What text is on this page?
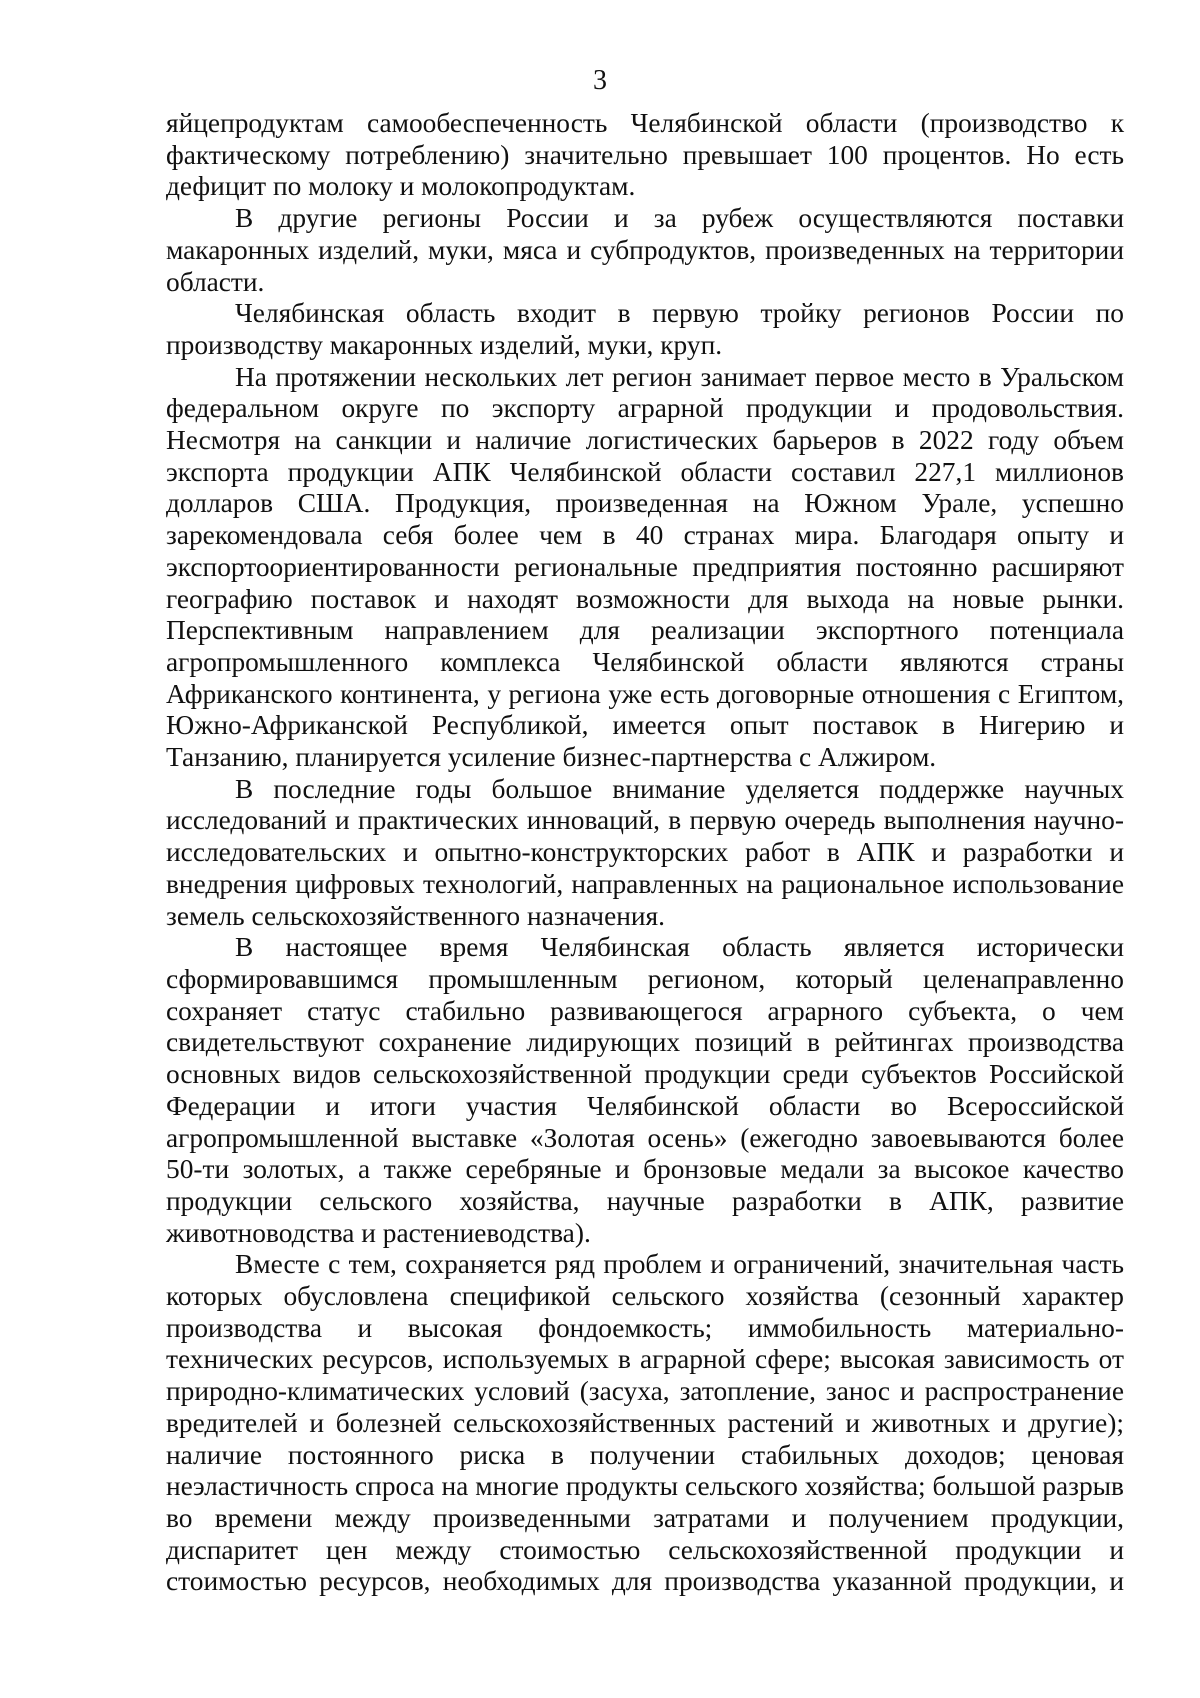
3

яйцепродуктам самообеспеченность Челябинской области (производство к фактическому потреблению) значительно превышает 100 процентов. Но есть дефицит по молоку и молокопродуктам.

В другие регионы России и за рубеж осуществляются поставки макаронных изделий, муки, мяса и субпродуктов, произведенных на территории области.

Челябинская область входит в первую тройку регионов России по производству макаронных изделий, муки, круп.

На протяжении нескольких лет регион занимает первое место в Уральском федеральном округе по экспорту аграрной продукции и продовольствия. Несмотря на санкции и наличие логистических барьеров в 2022 году объем экспорта продукции АПК Челябинской области составил 227,1 миллионов долларов США. Продукция, произведенная на Южном Урале, успешно зарекомендовала себя более чем в 40 странах мира. Благодаря опыту и экспортоориентированности региональные предприятия постоянно расширяют географию поставок и находят возможности для выхода на новые рынки. Перспективным направлением для реализации экспортного потенциала агропромышленного комплекса Челябинской области являются страны Африканского континента, у региона уже есть договорные отношения с Египтом, Южно-Африканской Республикой, имеется опыт поставок в Нигерию и Танзанию, планируется усиление бизнес-партнерства с Алжиром.

В последние годы большое внимание уделяется поддержке научных исследований и практических инноваций, в первую очередь выполнения научно-исследовательских и опытно-конструкторских работ в АПК и разработки и внедрения цифровых технологий, направленных на рациональное использование земель сельскохозяйственного назначения.

В настоящее время Челябинская область является исторически сформировавшимся промышленным регионом, который целенаправленно сохраняет статус стабильно развивающегося аграрного субъекта, о чем свидетельствуют сохранение лидирующих позиций в рейтингах производства основных видов сельскохозяйственной продукции среди субъектов Российской Федерации и итоги участия Челябинской области во Всероссийской агропромышленной выставке «Золотая осень» (ежегодно завоевываются более 50-ти золотых, а также серебряные и бронзовые медали за высокое качество продукции сельского хозяйства, научные разработки в АПК, развитие животноводства и растениеводства).

Вместе с тем, сохраняется ряд проблем и ограничений, значительная часть которых обусловлена спецификой сельского хозяйства (сезонный характер производства и высокая фондоемкость; иммобильность материально-технических ресурсов, используемых в аграрной сфере; высокая зависимость от природно-климатических условий (засуха, затопление, занос и распространение вредителей и болезней сельскохозяйственных растений и животных и другие); наличие постоянного риска в получении стабильных доходов; ценовая неэластичность спроса на многие продукты сельского хозяйства; большой разрыв во времени между произведенными затратами и получением продукции, диспаритет цен между стоимостью сельскохозяйственной продукции и стоимостью ресурсов, необходимых для производства указанной продукции, и
